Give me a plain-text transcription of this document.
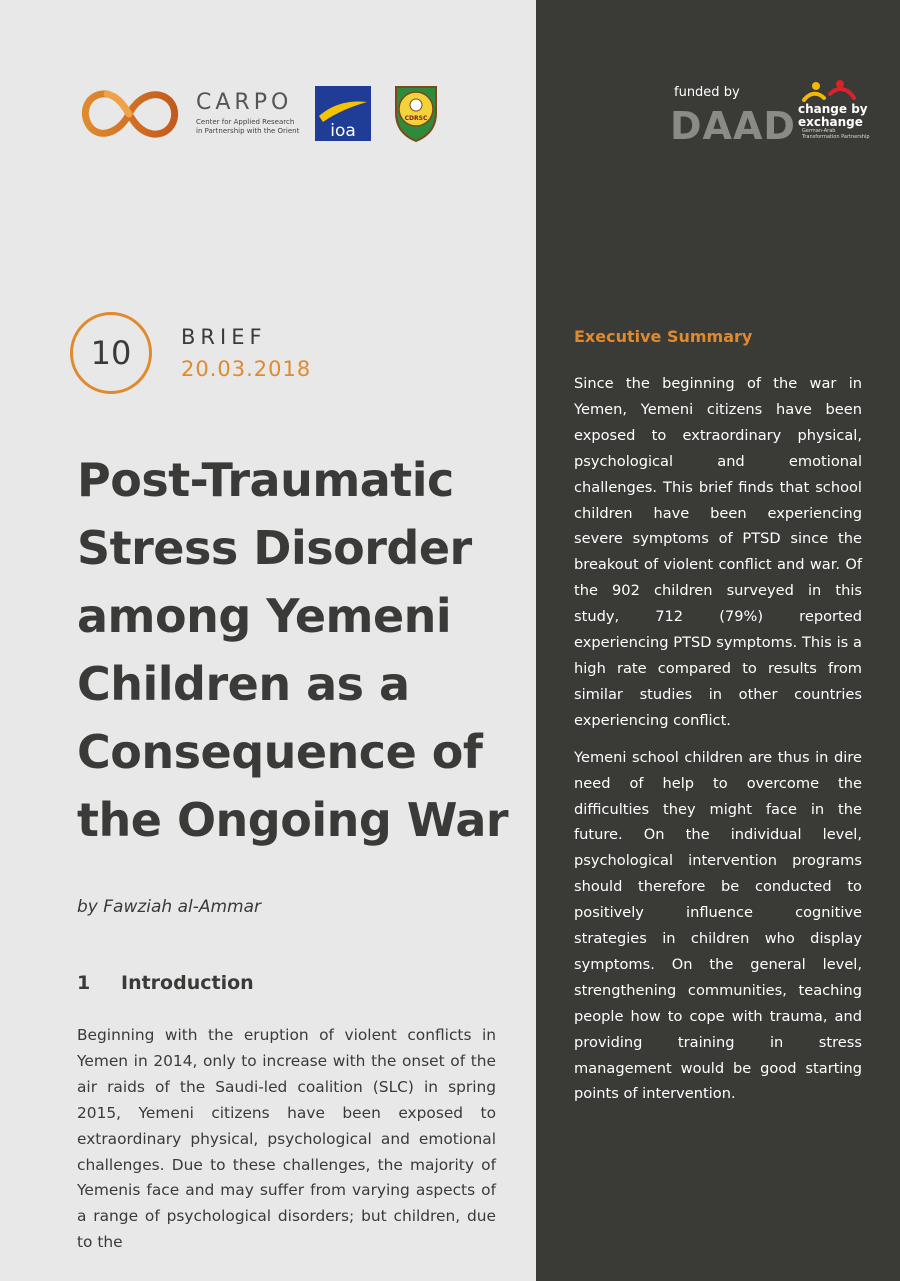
CARPO
Center for Applied Research
in Partnership with the Orient ioa
CDRSC
10 BRIEF
20.03.2018
Post-Traumatic Stress Disorder among Yemeni Children as a Consequence of the Ongoing War
by Fawziah al-Ammar
1 Introduction

Beginning with the eruption of violent conflicts in Yemen in 2014, only to increase with the onset of the air raids of the Saudi-led coalition (SLC) in spring 2015, Yemeni citizens have been exposed to extraordinary physical, psychological and emotional challenges. Due to these challenges, the majority of Yemenis face and may suffer from varying aspects of a range of psychological disorders; but children, due to the

funded by
DAAD change by
exchange
German-Arab
Transformation Partnership
Executive Summary

Since the beginning of the war in Yemen, Yemeni citizens have been exposed to extraordinary physical, psychological and emotional challenges. This brief finds that school children have been experiencing severe symptoms of PTSD since the breakout of violent conflict and war. Of the 902 children surveyed in this study, 712 (79%) reported experiencing PTSD symptoms. This is a high rate compared to results from similar studies in other countries experiencing conflict.

Yemeni school children are thus in dire need of help to overcome the difficulties they might face in the future. On the individual level, psychological intervention programs should therefore be conducted to positively influence cognitive strategies in children who display symptoms. On the general level, strengthening communities, teaching people how to cope with trauma, and providing training in stress management would be good starting points of intervention.
